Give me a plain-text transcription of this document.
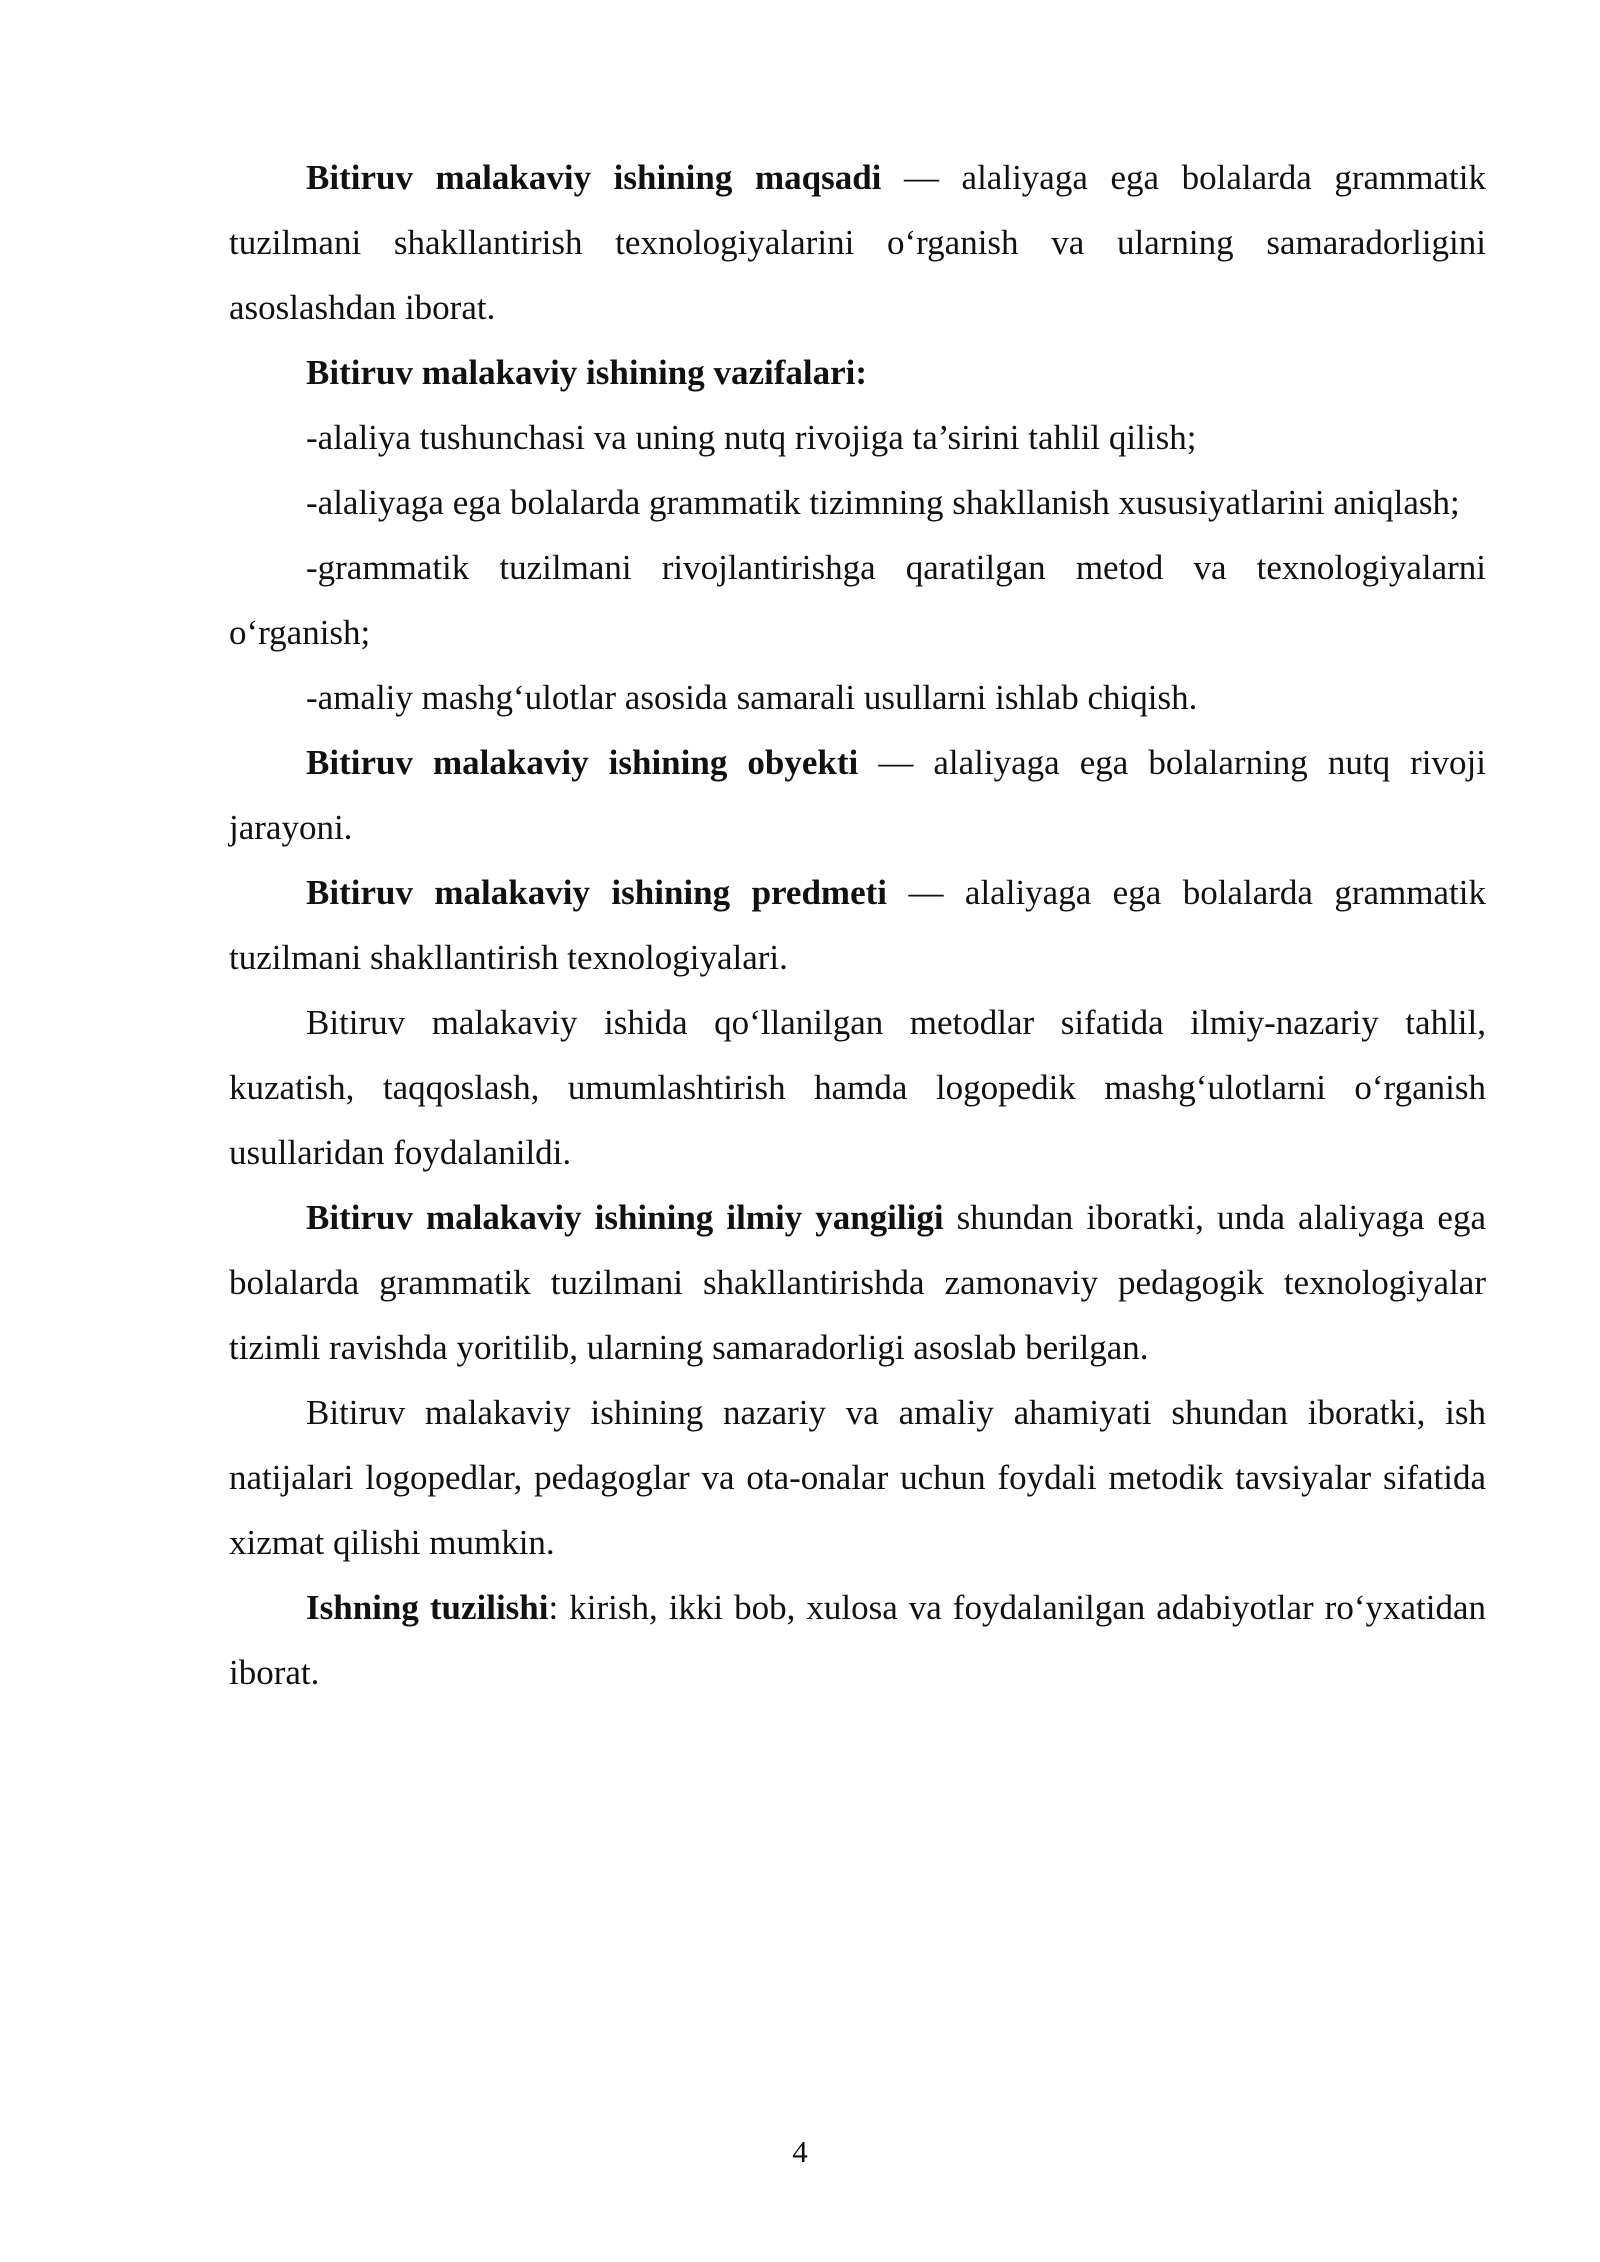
Bitiruv malakaviy ishining maqsadi — alaliyaga ega bolalarda grammatik tuzilmani shakllantirish texnologiyalarini o‘rganish va ularning samaradorligini asoslashdan iborat.

Bitiruv malakaviy ishining vazifalari:

-alaliya tushunchasi va uning nutq rivojiga ta’sirini tahlil qilish;

-alaliyaga ega bolalarda grammatik tizimning shakllanish xususiyatlarini aniqlash;

-grammatik tuzilmani rivojlantirishga qaratilgan metod va texnologiyalarni o‘rganish;

-amaliy mashg‘ulotlar asosida samarali usullarni ishlab chiqish.

Bitiruv malakaviy ishining obyekti — alaliyaga ega bolalarning nutq rivoji jarayoni.

Bitiruv malakaviy ishining predmeti — alaliyaga ega bolalarda grammatik tuzilmani shakllantirish texnologiyalari.

Bitiruv malakaviy ishida qo‘llanilgan metodlar sifatida ilmiy-nazariy tahlil, kuzatish, taqqoslash, umumlashtirish hamda logopedik mashg‘ulotlarni o‘rganish usullaridan foydalanildi.

Bitiruv malakaviy ishining ilmiy yangiligi shundan iboratki, unda alaliyaga ega bolalarda grammatik tuzilmani shakllantirishda zamonaviy pedagogik texnologiyalar tizimli ravishda yoritilib, ularning samaradorligi asoslab berilgan.

Bitiruv malakaviy ishining nazariy va amaliy ahamiyati shundan iboratki, ish natijalari logopedlar, pedagoglar va ota-onalar uchun foydali metodik tavsiyalar sifatida xizmat qilishi mumkin.

Ishning tuzilishi: kirish, ikki bob, xulosa va foydalanilgan adabiyotlar ro‘yxatidan iborat.

4
